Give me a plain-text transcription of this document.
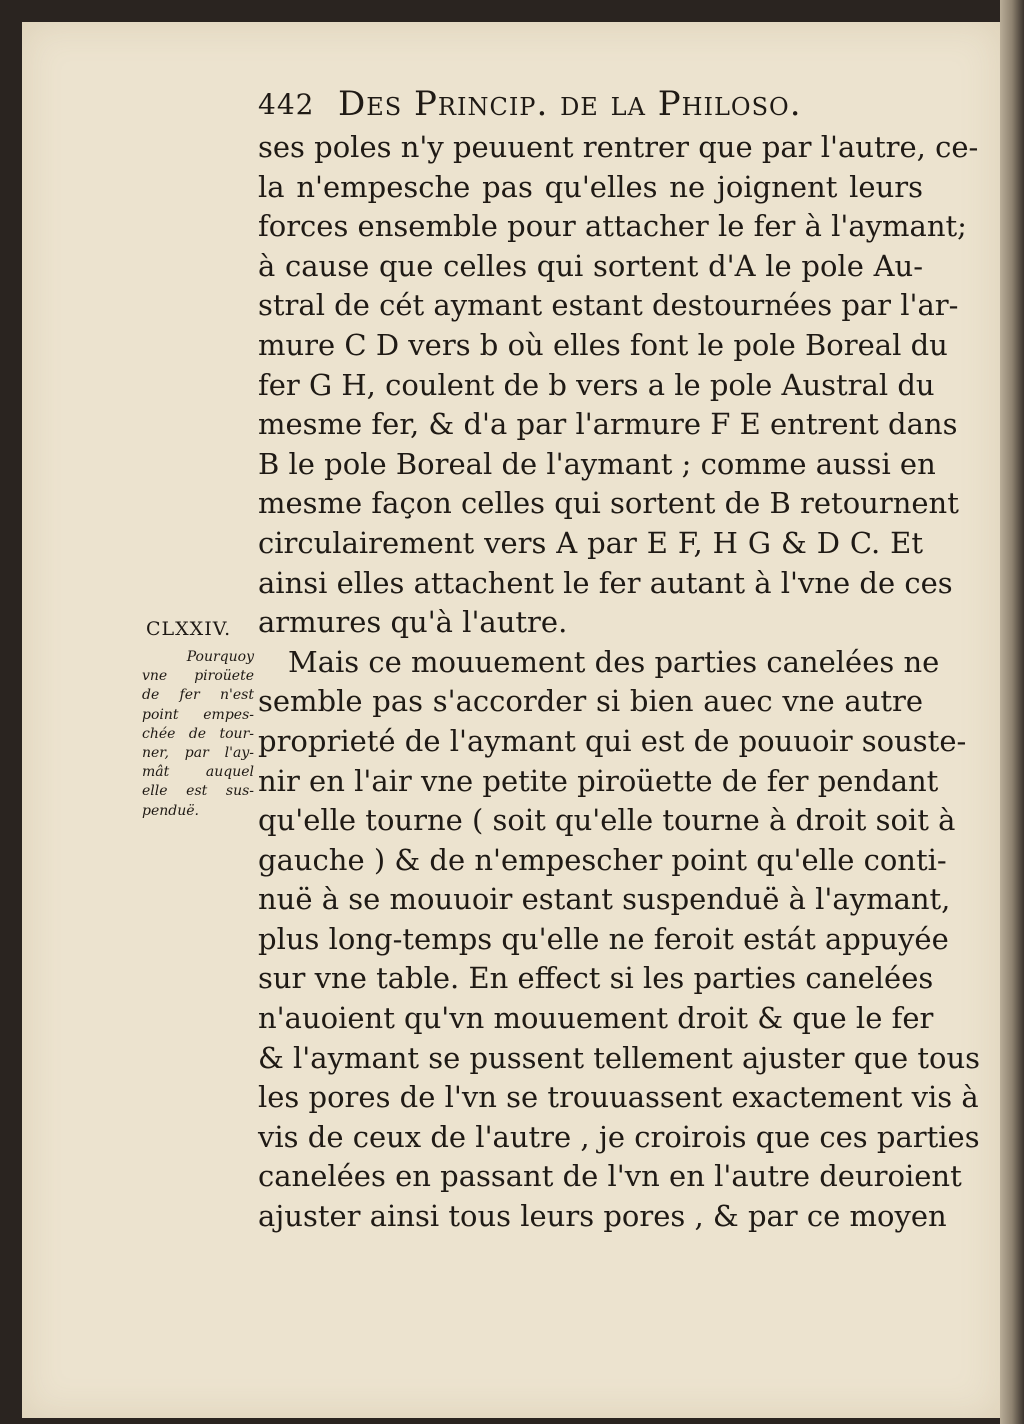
442 Des Princip. de la Philoso.
CLXXIV.
Pourquoy
vne piroüete
de fer n'est
point empes-
chée de tour-
ner, par l'ay-
mât auquel
elle est sus-
penduë.
ses poles n'y peuuent rentrer que par l'autre, ce-
la n'empesche pas qu'elles ne joignent leurs
forces ensemble pour attacher le fer à l'aymant;
à cause que celles qui sortent d'A le pole Au-
stral de cét aymant estant destournées par l'ar-
mure C D vers b où elles font le pole Boreal du
fer G H, coulent de b vers a le pole Austral du
mesme fer, & d'a par l'armure F E entrent dans
B le pole Boreal de l'aymant ; comme aussi en
mesme façon celles qui sortent de B retournent
circulairement vers A par E F, H G & D C. Et
ainsi elles attachent le fer autant à l'vne de ces
armures qu'à l'autre.
Mais ce mouuement des parties canelées ne
semble pas s'accorder si bien auec vne autre
proprieté de l'aymant qui est de pouuoir souste-
nir en l'air vne petite piroüette de fer pendant
qu'elle tourne ( soit qu'elle tourne à droit soit à
gauche ) & de n'empescher point qu'elle conti-
nuë à se mouuoir estant suspenduë à l'aymant,
plus long-temps qu'elle ne feroit estát appuyée
sur vne table. En effect si les parties canelées
n'auoient qu'vn mouuement droit & que le fer
& l'aymant se pussent tellement ajuster que tous
les pores de l'vn se trouuassent exactement vis à
vis de ceux de l'autre , je croirois que ces parties
canelées en passant de l'vn en l'autre deuroient
ajuster ainsi tous leurs pores , & par ce moyen
